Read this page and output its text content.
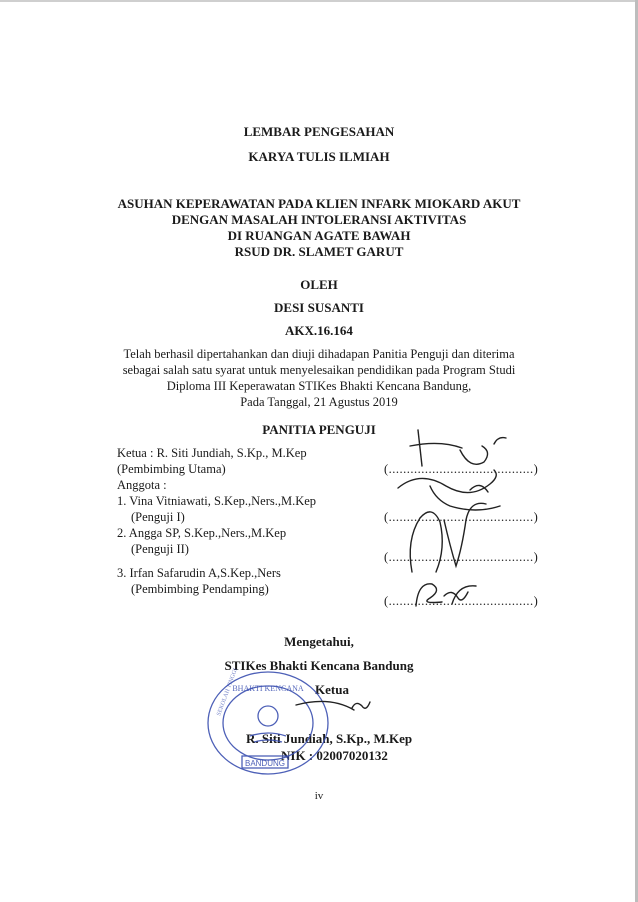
LEMBAR PENGESAHAN
KARYA TULIS ILMIAH
ASUHAN KEPERAWATAN PADA KLIEN INFARK MIOKARD AKUT
DENGAN MASALAH INTOLERANSI AKTIVITAS
DI RUANGAN AGATE BAWAH
RSUD DR. SLAMET GARUT
OLEH
DESI SUSANTI
AKX.16.164
Telah berhasil dipertahankan dan diuji dihadapan Panitia Penguji dan diterima
sebagai salah satu syarat untuk menyelesaikan pendidikan pada Program Studi
Diploma III Keperawatan STIKes Bhakti Kencana Bandung,
Pada Tanggal, 21 Agustus 2019
PANITIA PENGUJI
Ketua : R. Siti Jundiah, S.Kp., M.Kep
(Pembimbing Utama)
Anggota :
1. Vina Vitniawati, S.Kep.,Ners.,M.Kep
(Penguji I)
2. Angga SP, S.Kep.,Ners.,M.Kep
(Penguji II)
3. Irfan Safarudin A,S.Kep.,Ners
(Pembimbing Pendamping)
(........................................)
(........................................)
(........................................)
(........................................)
Mengetahui,
STIKes Bhakti Kencana Bandung
Ketua
R. Siti Jundiah, S.Kp., M.Kep
NIK : 02007020132
iv
BHAKTI KENCANA
BANDUNG
SEKOLAH TINGGI
